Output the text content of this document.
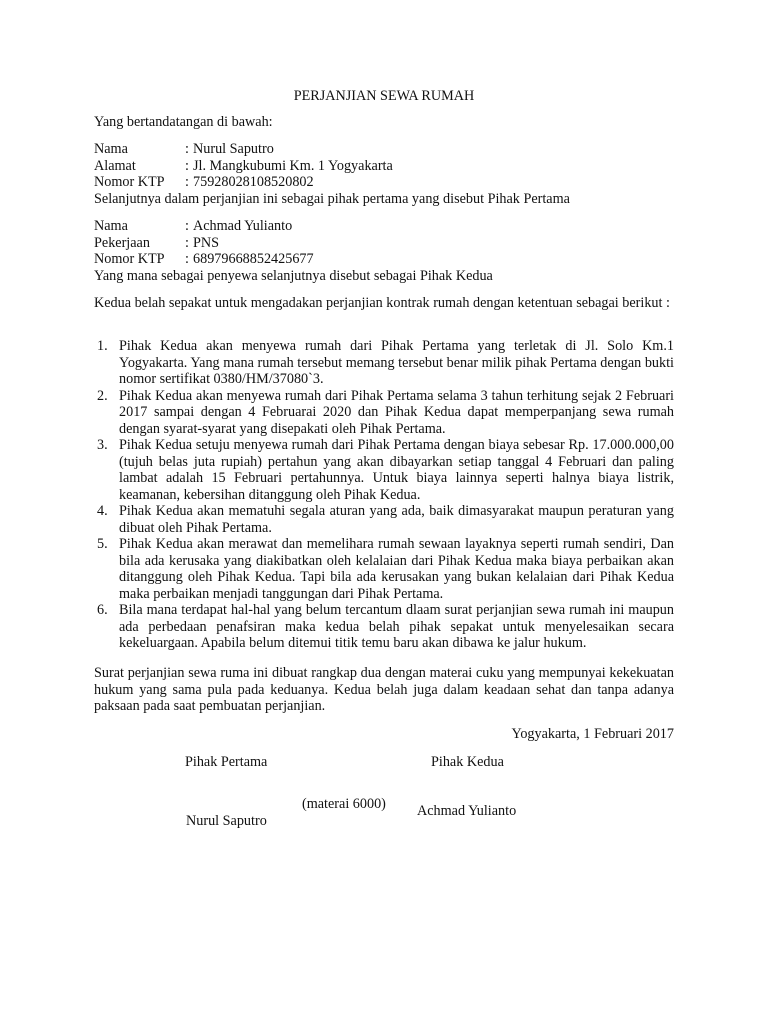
PERJANJIAN SEWA RUMAH
Yang bertandatangan di bawah:
Nama	: Nurul Saputro
Alamat	: Jl. Mangkubumi Km. 1 Yogyakarta
Nomor KTP : 75928028108520802
Selanjutnya dalam perjanjian ini sebagai pihak pertama yang disebut Pihak Pertama
Nama	: Achmad Yulianto
Pekerjaan : PNS
Nomor KTP : 68979668852425677
Yang mana sebagai penyewa selanjutnya disebut sebagai Pihak Kedua
Kedua belah sepakat untuk mengadakan perjanjian kontrak rumah dengan ketentuan sebagai berikut :
1. Pihak Kedua akan menyewa rumah dari Pihak Pertama yang terletak di Jl. Solo Km.1 Yogyakarta. Yang mana rumah tersebut memang tersebut benar milik pihak Pertama dengan bukti nomor sertifikat 0380/HM/37080`3.
2. Pihak Kedua akan menyewa rumah dari Pihak Pertama selama 3 tahun terhitung sejak 2 Februari 2017 sampai dengan 4 Februarai 2020 dan Pihak Kedua dapat memperpanjang sewa rumah dengan syarat-syarat yang disepakati oleh Pihak Pertama.
3. Pihak Kedua setuju menyewa rumah dari Pihak Pertama dengan biaya sebesar Rp. 17.000.000,00 (tujuh belas juta rupiah) pertahun yang akan dibayarkan setiap tanggal 4 Februari dan paling lambat adalah 15 Februari pertahunnya. Untuk biaya lainnya seperti halnya biaya listrik, keamanan, kebersihan ditanggung oleh Pihak Kedua.
4. Pihak Kedua akan mematuhi segala aturan yang ada, baik dimasyarakat maupun peraturan yang dibuat oleh Pihak Pertama.
5. Pihak Kedua akan merawat dan memelihara rumah sewaan layaknya seperti rumah sendiri, Dan bila ada kerusaka yang diakibatkan oleh kelalaian dari Pihak Kedua maka biaya perbaikan akan ditanggung oleh Pihak Kedua. Tapi bila ada kerusakan yang bukan kelalaian dari Pihak Kedua maka perbaikan menjadi tanggungan dari Pihak Pertama.
6. Bila mana terdapat hal-hal yang belum tercantum dlaam surat perjanjian sewa rumah ini maupun ada perbedaan penafsiran maka kedua belah pihak sepakat untuk menyelesaikan secara kekeluargaan. Apabila belum ditemui titik temu baru akan dibawa ke jalur hukum.
Surat perjanjian sewa ruma ini dibuat rangkap dua dengan materai cuku yang mempunyai kekekuatan hukum yang sama pula pada keduanya. Kedua belah juga dalam keadaan sehat dan tanpa adanya paksaan pada saat pembuatan perjanjian.
Yogyakarta, 1 Februari 2017
Pihak Pertama	Pihak Kedua
(materai 6000) Achmad Yulianto
Nurul Saputro
